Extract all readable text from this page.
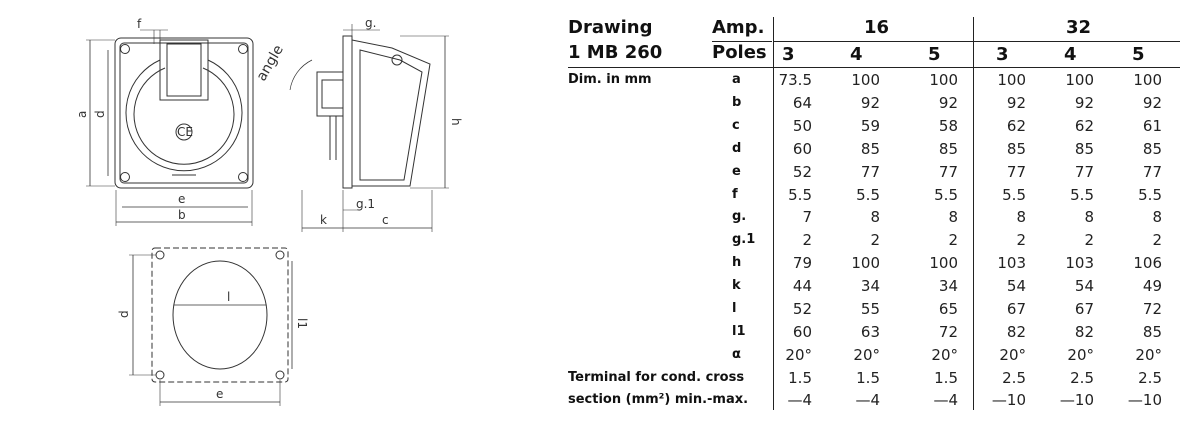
CE
f	g.
angle
a d
e
b
h
k
g.1
c
l
l1
d
e
Drawing
1 MB 260
Amp.
Poles
16	32
3	4	5	3	4	5
Dim. in mm	a	73.5	100	100	100	100	100
b	64	92	92	92	92	92
c	50	59	58	62	62	61
d	60	85	85	85	85	85
e	52	77	77	77	77	77
f	5.5	5.5	5.5	5.5	5.5	5.5
g.	7	8	8	8	8	8
g.1	2	2	2	2	2	2
h	79	100	100	103	103	106
k	44	34	34	54	54	49
l	52	55	65	67	67	72
l1	60	63	72	82	82	85
α	20°	20°	20°	20°	20°	20°
Terminal for cond. cross
section (mm²) min.-max.
1.5	1.5	1.5	2.5	2.5	2.5
—4	—4	—4	—10	—10	—10
